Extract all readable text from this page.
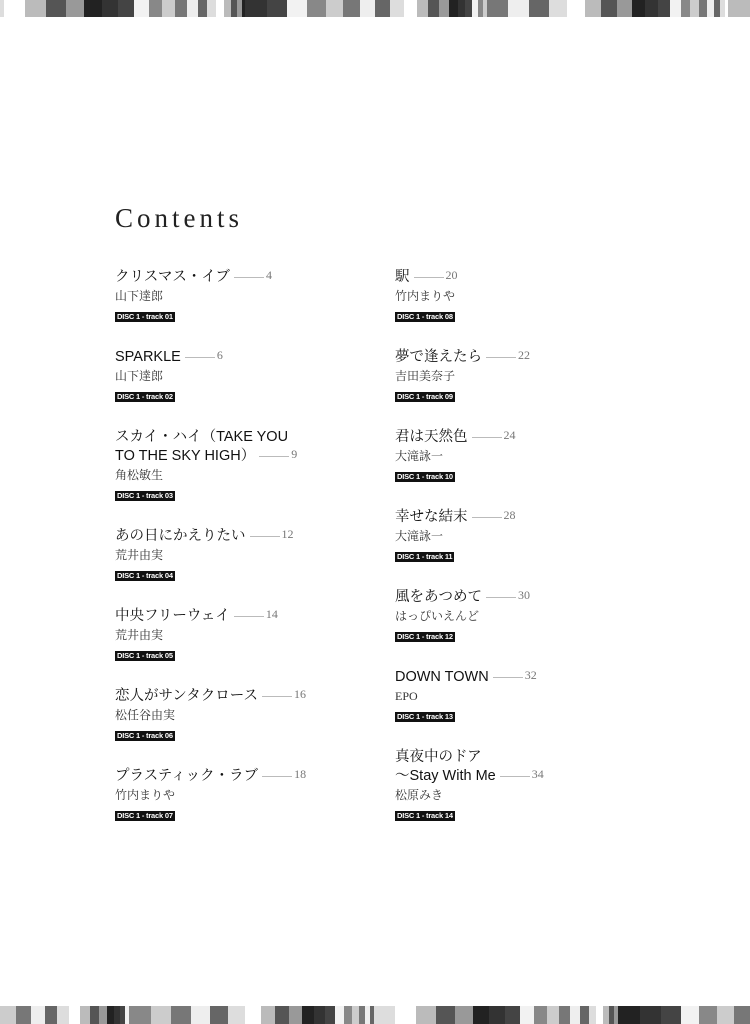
Contents
クリスマス・イブ	$^4$
山下達郎
DISC 1 - track 01
SPARKLE	$^6$
山下達郎
DISC 1 - track 02
スカイ・ハイ（TAKE YOU
TO THE SKY HIGH）	$^9$
角松敏生
DISC 1 - track 03
あの日にかえりたい	$^{12}$
荒井由実
DISC 1 - track 04
中央フリーウェイ	$^{14}$
荒井由実
DISC 1 - track 05
恋人がサンタクロース	$^{16}$
松任谷由実
DISC 1 - track 06
プラスティック・ラブ	$^{18}$
竹内まりや
DISC 1 - track 07
駅	$^{20}$
竹内まりや
DISC 1 - track 08
夢で逢えたら	$^{22}$
吉田美奈子
DISC 1 - track 09
君は天然色	$^{24}$
大滝詠一
DISC 1 - track 10
幸せな結末	$^{28}$
大滝詠一
DISC 1 - track 11
風をあつめて	$^{30}$
はっぴいえんど
DISC 1 - track 12
DOWN TOWN	$^{32}$
EPO
DISC 1 - track 13
真夜中のドア
～Stay With Me	$^{34}$
松原みき
DISC 1 - track 14
